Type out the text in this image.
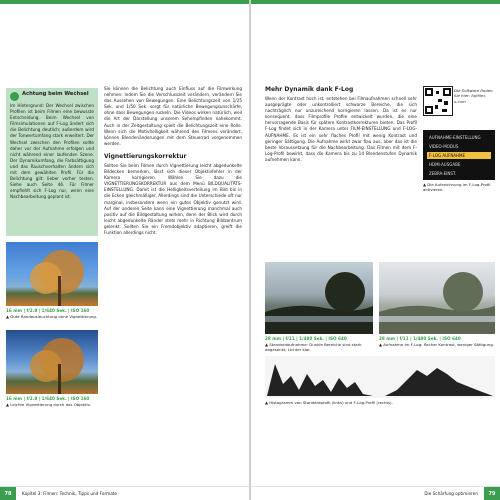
Achtung beim Wechsel
Im Hintergrund: Der Wechsel zwischen Profilen ist beim Filmen eine bewusste Entscheidung. Beim Wechsel von Filmsimulationen auf F-Log ändert sich die Belichtung deutlich; außerdem wird der Tonwertumfang stark erweitert. Der Wechsel zwischen den Profilen sollte daher vor der Aufnahme erfolgen und nicht während einer laufenden Szene. Der Dynamikumfang, die Farbsättigung und das Rauschverhalten ändern sich mit dem gewählten Profil. Für die Belichtung gilt: lieber vorher testen. Siehe auch Seite 46. Für Filmer empfiehlt sich F-Log nur, wenn eine Nachbearbeitung geplant ist.
16 mm | f/2.8 | 1/640 Sek. | ISO 160
▲ Gute Randausleuchtung ohne Vignettierung.
16 mm | f/2.8 | 1/640 Sek. | ISO 160
▲ Leichte Vignettierung durch das Objektiv.
Sie können die Belichtung auch Einfluss auf die Filmwirkung nehmen: Indem Sie die Verschlusszeit verändern, verändern Sie das Aussehen von Bewegungen. Eine Belichtungszeit von 1/25 Sek. und 1/50 Sek. sorgt für natürliche Bewegungsunschärfe, ohne dass Bewegungen ruckeln. Die Videos wirken natürlich, weil die Art der Darstellung unserem Sehempfinden nahekommt. Auch in der Zeitgestaltung spielt die Belichtungszeit eine Rolle. Wenn sich die Motivhelligkeit während des Filmens verändert, können Blendenänderungen mit dem Steuerrad vorgenommen werden.
Vignettierungskorrektur
Sollten Sie beim Filmen durch Vignettierung leicht abgedunkelte Bildecken bemerken, lässt sich dieser Objektivfehler in der Kamera korrigieren. Wählen Sie dazu die VIGNETTIERUNGSKORREKTUR aus dem Menü BILDQUALITÄTS-EINSTELLUNG. Damit ist die Helligkeitsverteilung im Bild bis in die Ecken gleichmäßiger. Allerdings sind die Unterschiede oft nur marginal, insbesondere wenn ein gutes Objektiv genutzt wird. Auf der anderen Seite kann eine Vignettierung manchmal auch positiv auf die Bildgestaltung wirken, denn der Blick wird durch leicht abgedunkelte Ränder stets mehr in Richtung Bildzentrum gelenkt. Sollten Sie ein Fremdobjektiv adaptieren, greift die Funktion allerdings nicht.
78	Kapitel 3: Filmen: Technik, Tipps und Formate
Mehr Dynamik dank F-Log
Wenn der Kontrast hoch ist, entstehen bei Filmaufnahmen schnell sehr ausgeprägte oder unkontrolliert schwarze Bereiche, die sich nachträglich nur unzureichend korrigieren lassen. Da ist es nur konsequent, dass Filmprofile Profile entwickelt wurden, die eine hervorragende Basis für spätere Kontrastkorrekturen bieten. Das Profil F-Log findet sich in der Kamera unter FILM-EINSTELLUNG und F-LOG-AUFNAHME. Es ist ein sehr flaches Profil mit wenig Kontrast und geringer Sättigung. Die Aufnahme wirkt zwar flau aus, aber das ist die beste Voraussetzung für die Nachbearbeitung. Das Filmen mit dem F-Log-Profil bewirkt, dass die Kamera bis zu 14 Blendenstufen Dynamik aufnehmen kann.
Die Software finden Sie hier: fujifilm-x.com
AUFNAHME-EINSTELLUNG
VIDEO-MODUS
F-LOG AUFNAHME
HDMI-AUSGABE
ZEBRA-EINST.
▲ Die Aufzeichnung im F-Log-Profil aktivieren.
28 mm | f/11 | 1/480 Sek. | ISO 640	28 mm | f/11 | 1/480 Sek. | ISO 640
▲ Standardaufnahme: Dunkle Bereiche sind stark abgesenkt, Lichter klar.
▲ Aufnahme im F-Log: flacher Kontrast, weniger Sättigung.
▲ Histogramm von Standardprofil (links) und F-Log-Profil (rechts).
Die Schärfung optimieren	79
